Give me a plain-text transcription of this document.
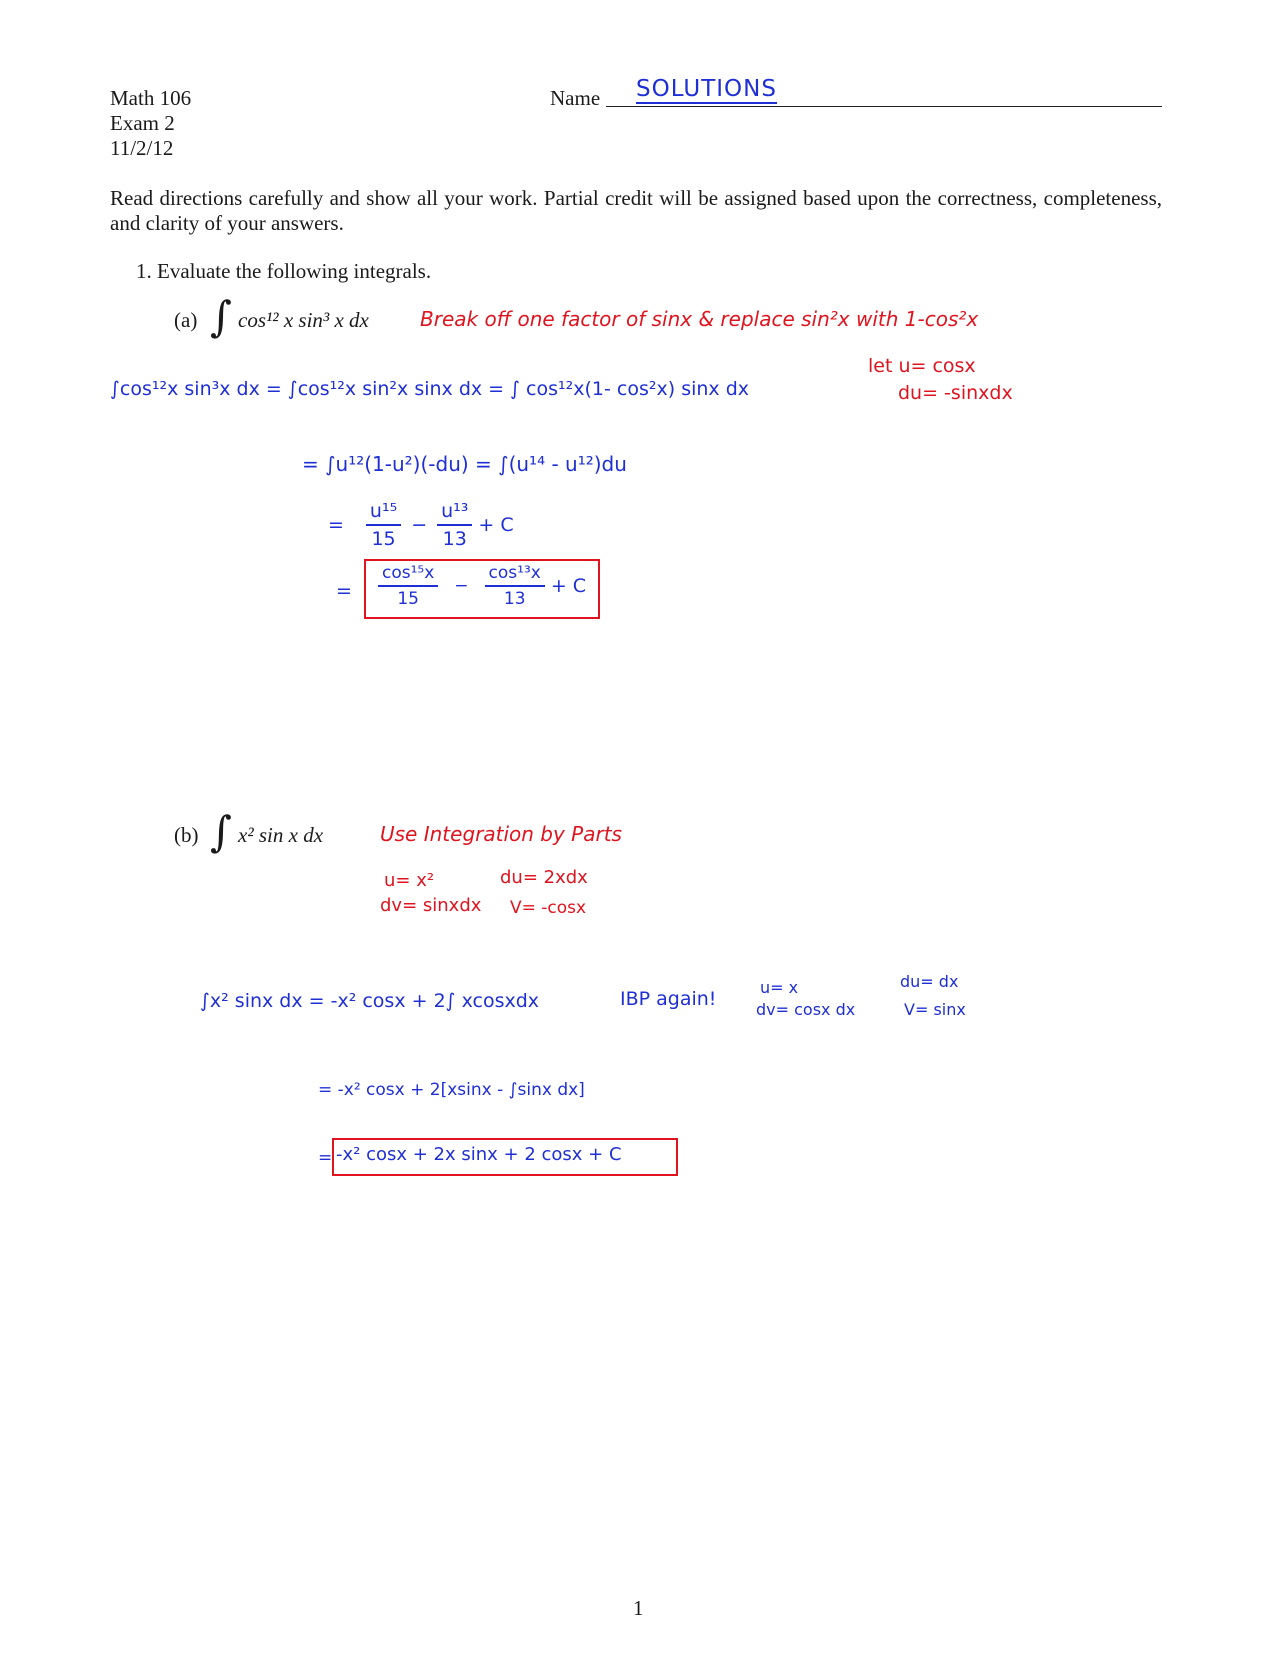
Math 106
Exam 2
11/2/12
Name SOLUTIONS
Read directions carefully and show all your work. Partial credit will be assigned based upon the correctness, completeness, and clarity of your answers.
1. Evaluate the following integrals.
(a) ∫ cos¹² x sin³ x dx	Break off one factor of sinx & replace sin²x with 1-cos²x
let u= cosx
du= -sinxdx
∫cos¹²x sin³x dx = ∫cos¹²x sin²x sinx dx = ∫ cos¹²x(1- cos²x) sinx dx
= ∫u¹²(1-u²)(-du) = ∫(u¹⁴ - u¹²)du
= $\frac{\text{u¹⁵}}{15} - \frac{\text{u¹³}}{13} + C$
= $\frac{\text{cos¹⁵x}}{15} - \frac{\text{cos¹³x}}{13} + C$
(b) ∫ x² sin x dx	Use Integration by Parts
u= x²
dv= sinxdx
du= 2xdx
V= -cosx
∫x² sinx dx = -x² cosx + 2∫ xcosxdx	IBP again!
u= x
dv= cosx dx
du= dx
V= sinx
= -x² cosx + 2[xsinx - ∫sinx dx]
= -x² cosx + 2x sinx + 2 cosx + C
1
